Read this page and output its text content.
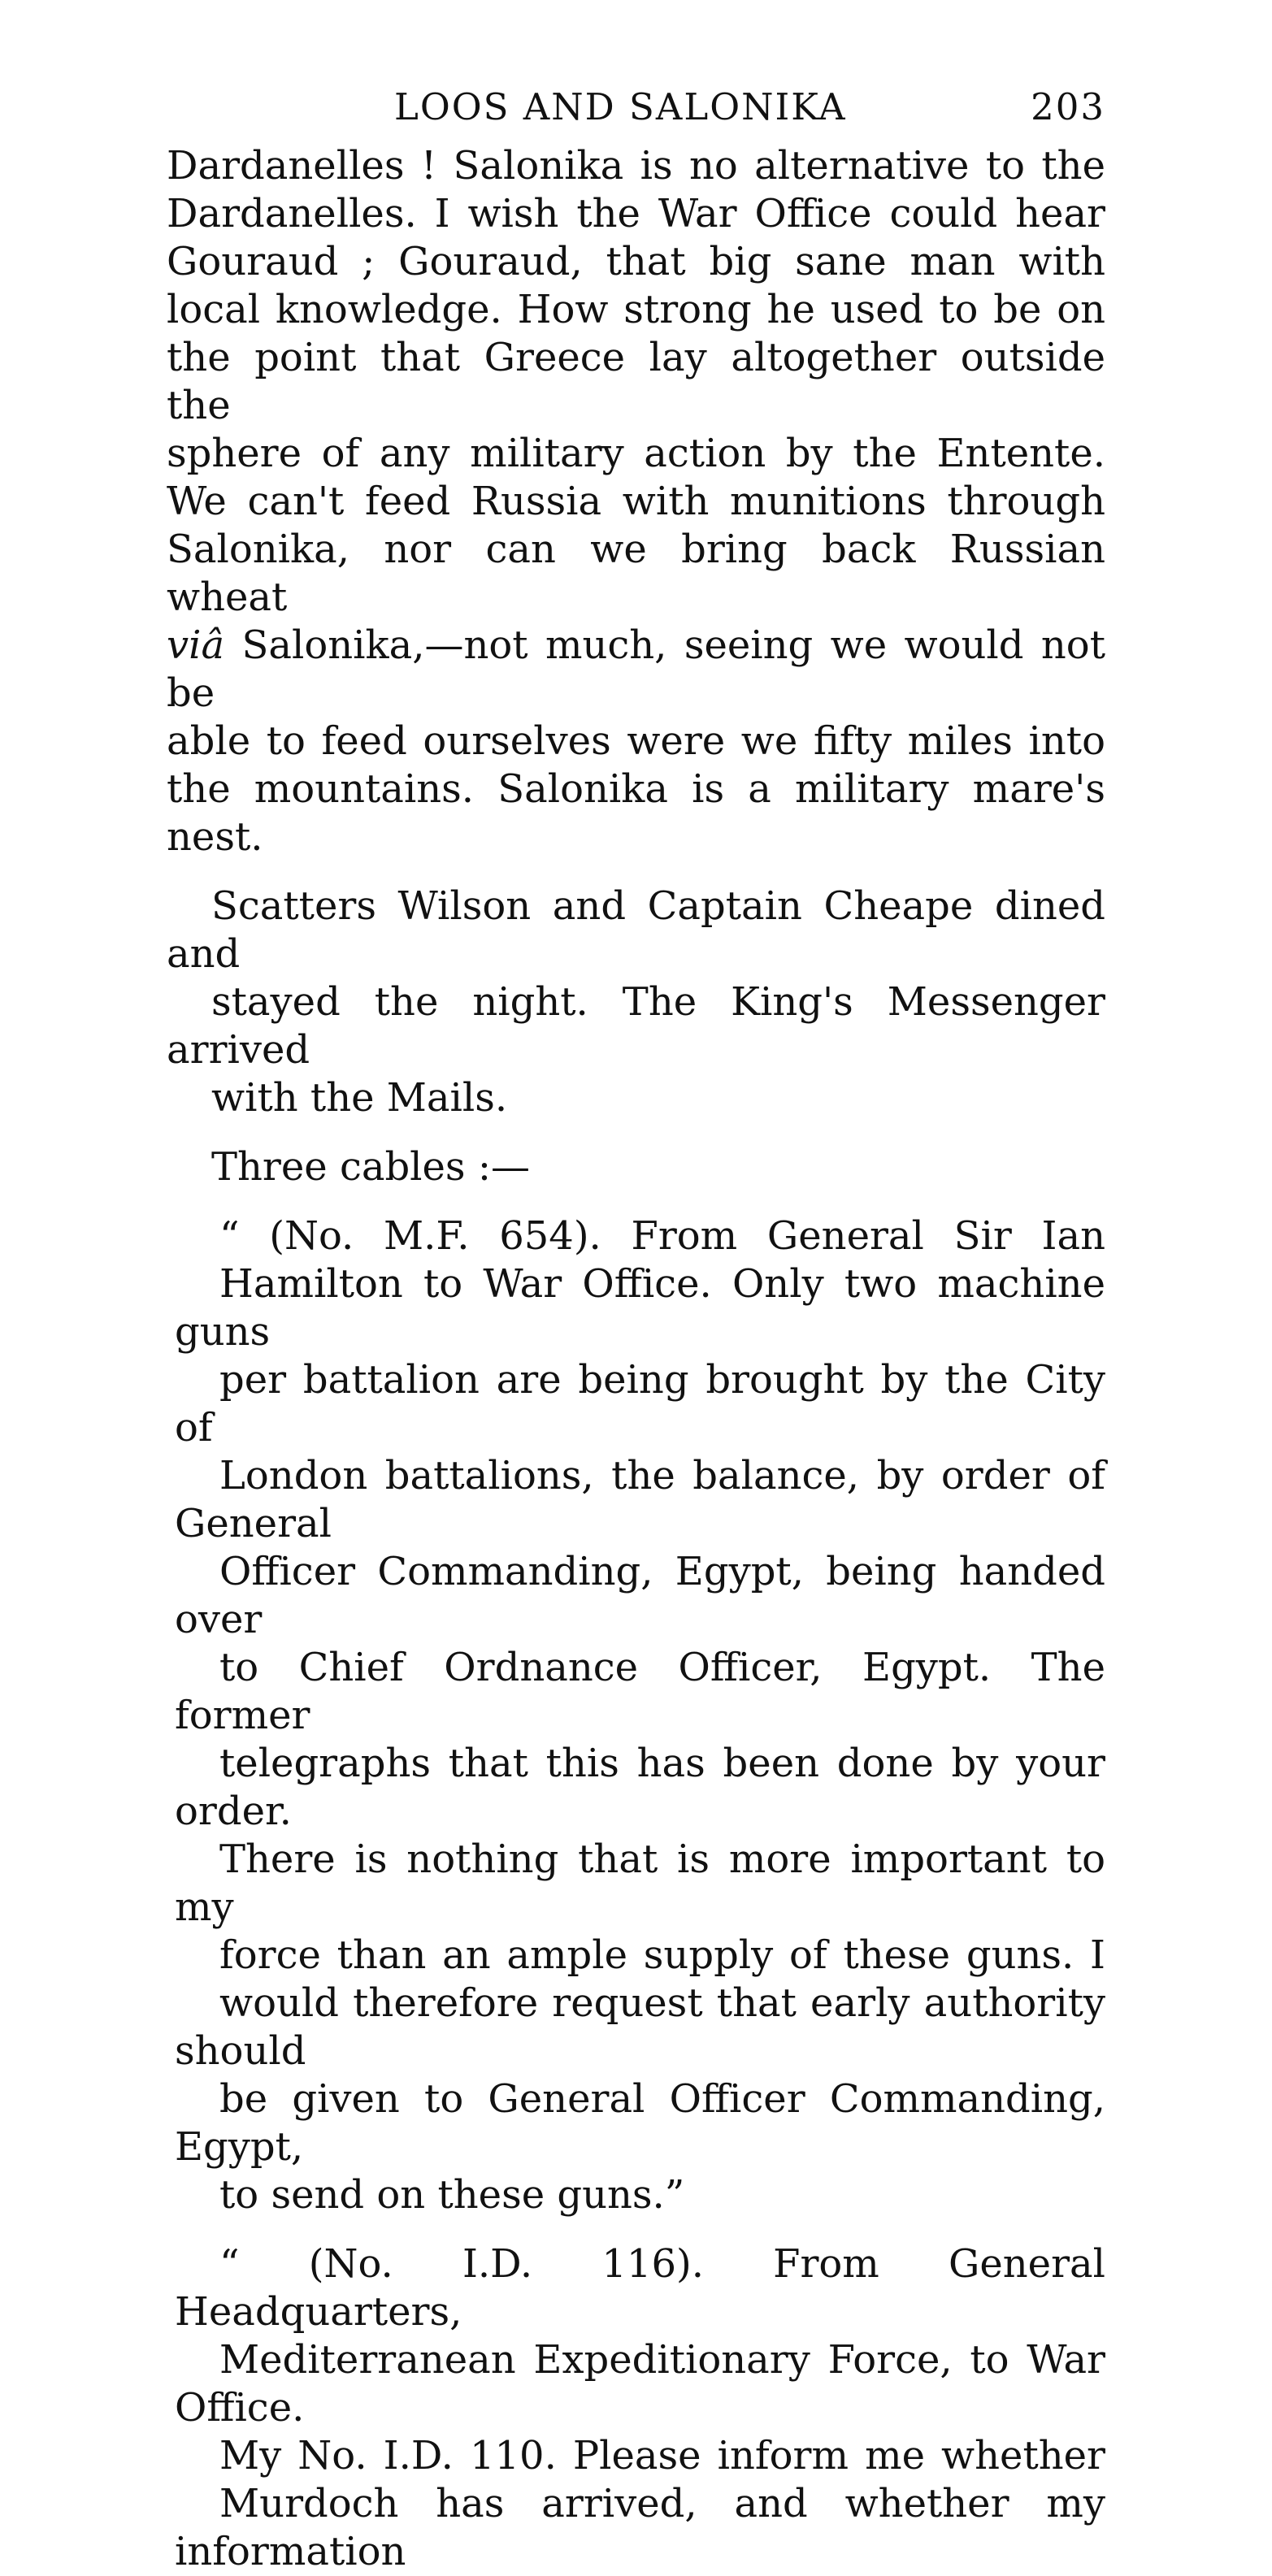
LOOS AND SALONIKA	203

Dardanelles ! Salonika is no alternative to the
Dardanelles. I wish the War Office could hear
Gouraud ; Gouraud, that big sane man with
local knowledge. How strong he used to be on
the point that Greece lay altogether outside the
sphere of any military action by the Entente.
We can't feed Russia with munitions through
Salonika, nor can we bring back Russian wheat
viâ Salonika,—not much, seeing we would not be
able to feed ourselves were we fifty miles into
the mountains. Salonika is a military mare's
nest.

Scatters Wilson and Captain Cheape dined and
stayed the night. The King's Messenger arrived
with the Mails.

Three cables :—

“ (No. M.F. 654). From General Sir Ian
Hamilton to War Office. Only two machine guns
per battalion are being brought by the City of
London battalions, the balance, by order of General
Officer Commanding, Egypt, being handed over
to Chief Ordnance Officer, Egypt. The former
telegraphs that this has been done by your order.
There is nothing that is more important to my
force than an ample supply of these guns. I
would therefore request that early authority should
be given to General Officer Commanding, Egypt,
to send on these guns.”

“ (No. I.D. 116). From General Headquarters,
Mediterranean Expeditionary Force, to War Office.
My No. I.D. 110. Please inform me whether
Murdoch has arrived, and whether my information
